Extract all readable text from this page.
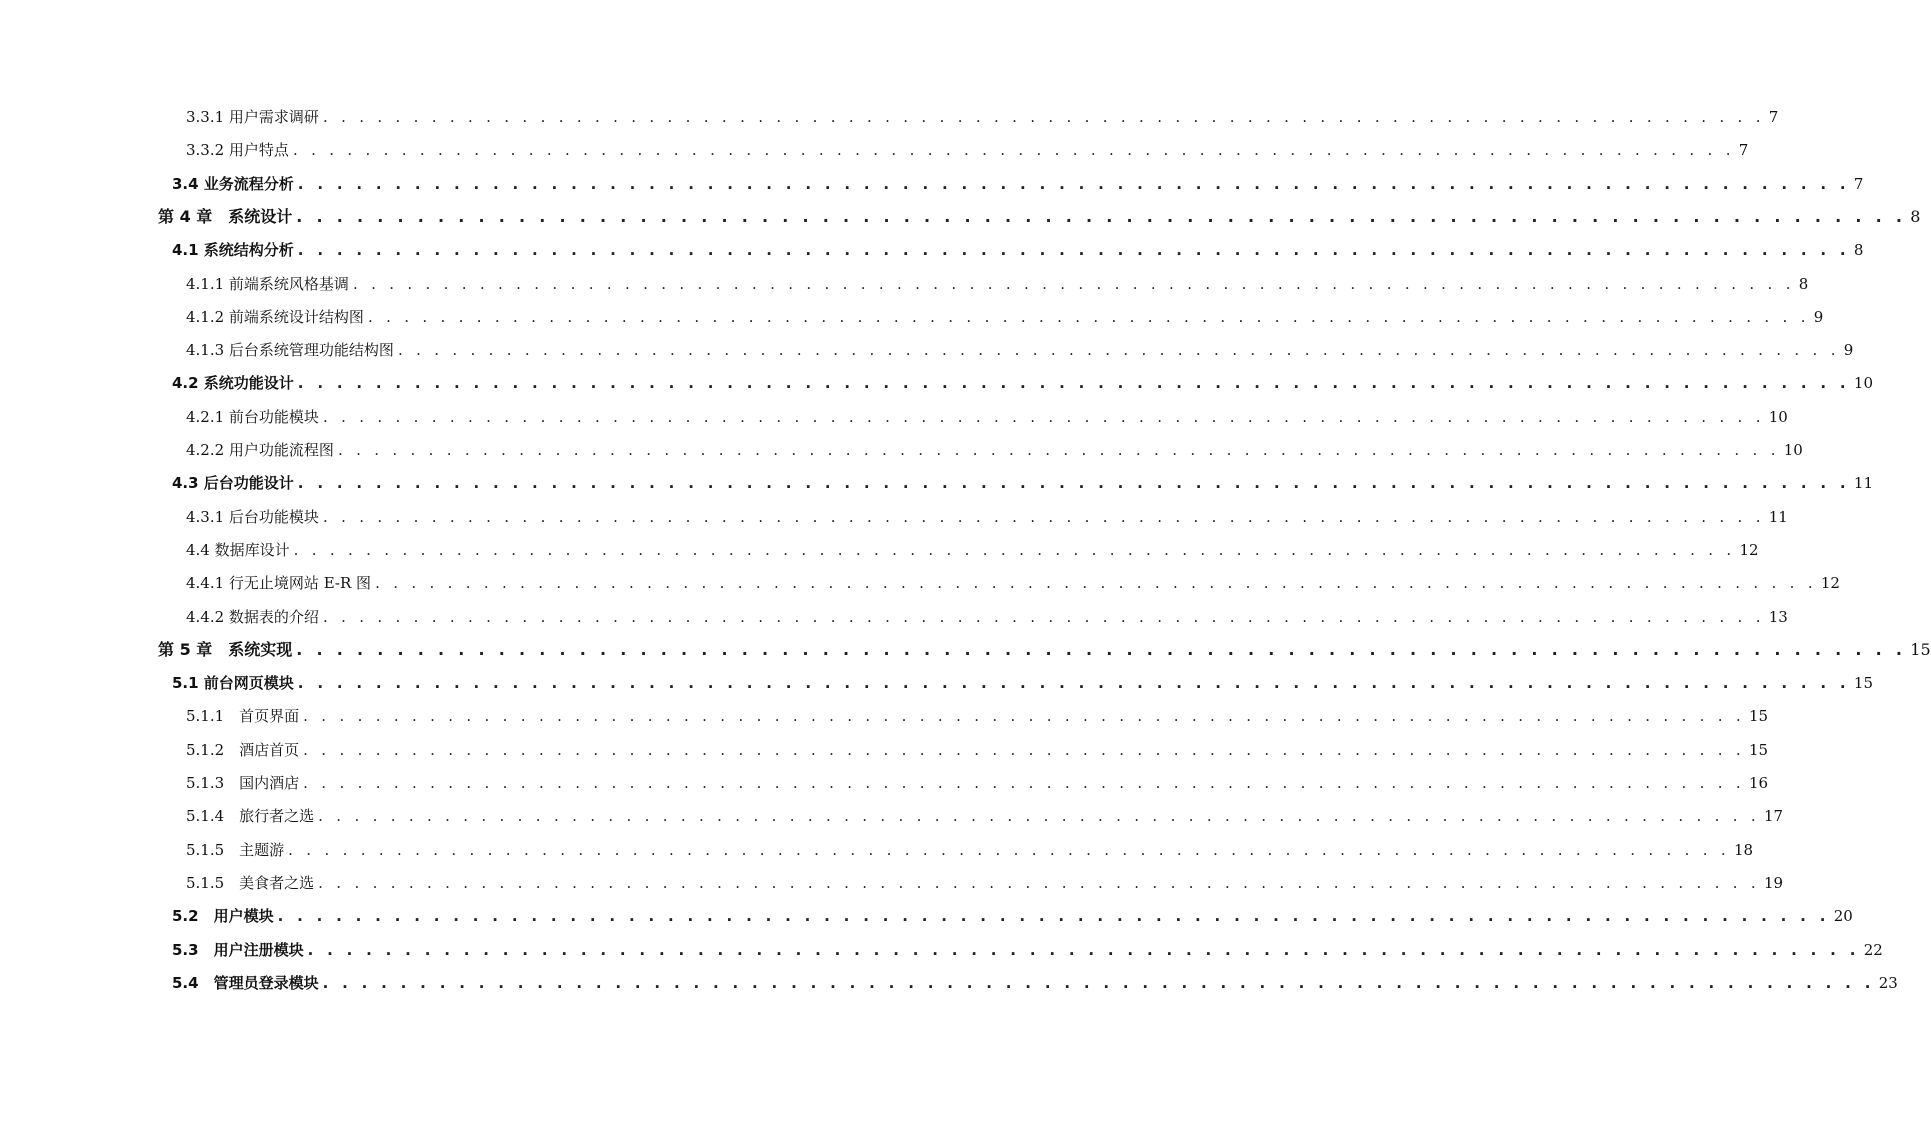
3.3.1 用户需求调研 . . . . . . . . . . . . . . . . . . . . . . . . . . . . . . . . . . . . . . . . . . . . . . . . . . . . . . . . . . . . . . . . . . . . . . . . . . . . . . . . 7
3.3.2 用户特点 . . . . . . . . . . . . . . . . . . . . . . . . . . . . . . . . . . . . . . . . . . . . . . . . . . . . . . . . . . . . . . . . . . . . . . . . . . . . . . . . 7
3.4 业务流程分析 . . . . . . . . . . . . . . . . . . . . . . . . . . . . . . . . . . . . . . . . . . . . . . . . . . . . . . . . . . . . . . . . . . . . . . . . . . . . . . . . 7
第 4 章　系统设计 . . . . . . . . . . . . . . . . . . . . . . . . . . . . . . . . . . . . . . . . . . . . . . . . . . . . . . . . . . . . . . . . . . . . . . . . . . . . . . . . 8
4.1 系统结构分析 . . . . . . . . . . . . . . . . . . . . . . . . . . . . . . . . . . . . . . . . . . . . . . . . . . . . . . . . . . . . . . . . . . . . . . . . . . . . . . . . 8
4.1.1 前端系统风格基调 . . . . . . . . . . . . . . . . . . . . . . . . . . . . . . . . . . . . . . . . . . . . . . . . . . . . . . . . . . . . . . . . . . . . . . . . . . . . . . . . 8
4.1.2 前端系统设计结构图 . . . . . . . . . . . . . . . . . . . . . . . . . . . . . . . . . . . . . . . . . . . . . . . . . . . . . . . . . . . . . . . . . . . . . . . . . . . . . . . . 9
4.1.3 后台系统管理功能结构图 . . . . . . . . . . . . . . . . . . . . . . . . . . . . . . . . . . . . . . . . . . . . . . . . . . . . . . . . . . . . . . . . . . . . . . . . . . . . . . . . 9
4.2 系统功能设计 . . . . . . . . . . . . . . . . . . . . . . . . . . . . . . . . . . . . . . . . . . . . . . . . . . . . . . . . . . . . . . . . . . . . . . . . . . . . . . . . 10
4.2.1 前台功能模块 . . . . . . . . . . . . . . . . . . . . . . . . . . . . . . . . . . . . . . . . . . . . . . . . . . . . . . . . . . . . . . . . . . . . . . . . . . . . . . . . 10
4.2.2 用户功能流程图 . . . . . . . . . . . . . . . . . . . . . . . . . . . . . . . . . . . . . . . . . . . . . . . . . . . . . . . . . . . . . . . . . . . . . . . . . . . . . . . . 10
4.3 后台功能设计 . . . . . . . . . . . . . . . . . . . . . . . . . . . . . . . . . . . . . . . . . . . . . . . . . . . . . . . . . . . . . . . . . . . . . . . . . . . . . . . . 11
4.3.1 后台功能模块 . . . . . . . . . . . . . . . . . . . . . . . . . . . . . . . . . . . . . . . . . . . . . . . . . . . . . . . . . . . . . . . . . . . . . . . . . . . . . . . . 11
4.4 数据库设计 . . . . . . . . . . . . . . . . . . . . . . . . . . . . . . . . . . . . . . . . . . . . . . . . . . . . . . . . . . . . . . . . . . . . . . . . . . . . . . . . 12
4.4.1 行无止境网站 E-R 图 . . . . . . . . . . . . . . . . . . . . . . . . . . . . . . . . . . . . . . . . . . . . . . . . . . . . . . . . . . . . . . . . . . . . . . . . . . . . . . . . 12
4.4.2 数据表的介绍 . . . . . . . . . . . . . . . . . . . . . . . . . . . . . . . . . . . . . . . . . . . . . . . . . . . . . . . . . . . . . . . . . . . . . . . . . . . . . . . . 13
第 5 章　系统实现 . . . . . . . . . . . . . . . . . . . . . . . . . . . . . . . . . . . . . . . . . . . . . . . . . . . . . . . . . . . . . . . . . . . . . . . . . . . . . . . . 15
5.1 前台网页模块 . . . . . . . . . . . . . . . . . . . . . . . . . . . . . . . . . . . . . . . . . . . . . . . . . . . . . . . . . . . . . . . . . . . . . . . . . . . . . . . . 15
5.1.1　首页界面 . . . . . . . . . . . . . . . . . . . . . . . . . . . . . . . . . . . . . . . . . . . . . . . . . . . . . . . . . . . . . . . . . . . . . . . . . . . . . . . . 15
5.1.2　酒店首页 . . . . . . . . . . . . . . . . . . . . . . . . . . . . . . . . . . . . . . . . . . . . . . . . . . . . . . . . . . . . . . . . . . . . . . . . . . . . . . . . 15
5.1.3　国内酒店 . . . . . . . . . . . . . . . . . . . . . . . . . . . . . . . . . . . . . . . . . . . . . . . . . . . . . . . . . . . . . . . . . . . . . . . . . . . . . . . . 16
5.1.4　旅行者之选 . . . . . . . . . . . . . . . . . . . . . . . . . . . . . . . . . . . . . . . . . . . . . . . . . . . . . . . . . . . . . . . . . . . . . . . . . . . . . . . . 17
5.1.5　主题游 . . . . . . . . . . . . . . . . . . . . . . . . . . . . . . . . . . . . . . . . . . . . . . . . . . . . . . . . . . . . . . . . . . . . . . . . . . . . . . . . 18
5.1.5　美食者之选 . . . . . . . . . . . . . . . . . . . . . . . . . . . . . . . . . . . . . . . . . . . . . . . . . . . . . . . . . . . . . . . . . . . . . . . . . . . . . . . . 19
5.2　用户模块 . . . . . . . . . . . . . . . . . . . . . . . . . . . . . . . . . . . . . . . . . . . . . . . . . . . . . . . . . . . . . . . . . . . . . . . . . . . . . . . . 20
5.3　用户注册模块 . . . . . . . . . . . . . . . . . . . . . . . . . . . . . . . . . . . . . . . . . . . . . . . . . . . . . . . . . . . . . . . . . . . . . . . . . . . . . . . . 22
5.4　管理员登录模块 . . . . . . . . . . . . . . . . . . . . . . . . . . . . . . . . . . . . . . . . . . . . . . . . . . . . . . . . . . . . . . . . . . . . . . . . . . . . . . . . 23
